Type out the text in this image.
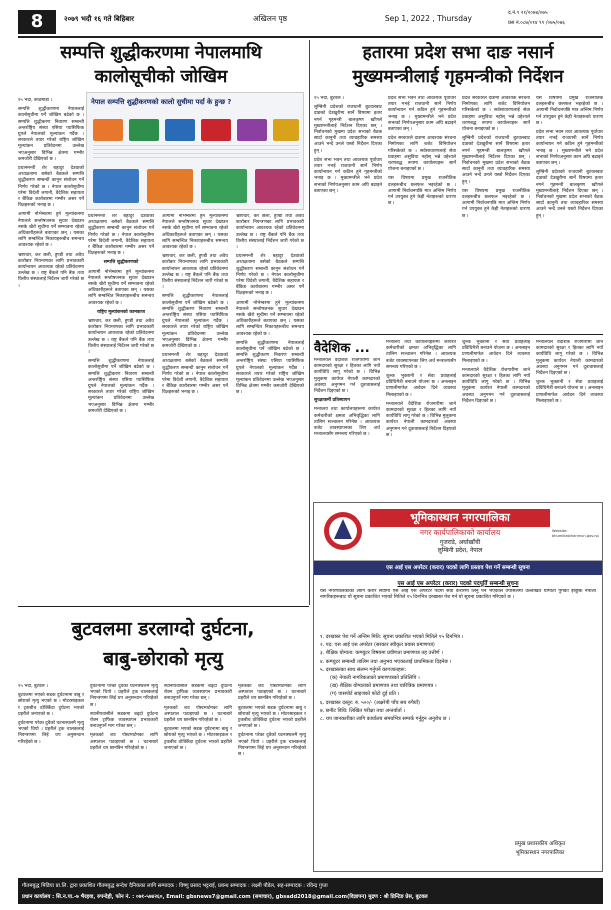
8	२०७९ भदौ १६ गते बिहिबार	अखिलन पृष्ठ	Sep 1, 2022 , Thursday
द.नं.९ २१/२०७४/०७५
प्रस नं.०८७/०१४ ९९ /०७५/०७६
सम्पत्ति शुद्धीकरणमा नेपालमाथि
कालोसूचीको जोखिम

१५ भदौ, काठमाडौं ।

सम्पत्ति शुद्धीकरणमा नेपाललाई कालोसूचीमा पर्ने जोखिम बढेको छ । सम्पत्ति शुद्धीकरण निवारण सम्बन्धी अन्तर्राष्ट्रिय संस्था एसिया प्यासिफिक ग्रुपले नेपालको मूल्यांकन गर्दैछ । सरकारले तयार गरेको राष्ट्रिय जोखिम मूल्यांकन प्रतिवेदनमा उल्लेख भएअनुसार विभिन्न क्षेत्रमा गम्भीर कमजोरी देखिएको छ ।

प्रधानमन्त्री शेर बहादुर देउवाको अध्यक्षतामा बसेको बैठकले सम्पत्ति शुद्धीकरण सम्बन्धी कानुन संशोधन गर्ने निर्णय गरेको छ । नेपाल कालोसूचीमा परेमा विदेशी लगानी, वैदेशिक सहायता र बैंकिङ कारोबारमा गम्भीर असर पर्ने विज्ञहरूको भनाइ छ ।

आगामी नोभेम्बरमा हुने मूल्यांकनमा नेपालले सन्तोषजनक सुधार देखाउन नसके खैरो सूचीमा पर्ने सम्भावना रहेको अधिकारीहरूले बताएका छन् । यसका लागि सम्बन्धित निकायहरूबीच समन्वय आवश्यक रहेको छ ।

भ्रष्टाचार, कर छली, हुण्डी तथा अवैध कारोबार नियन्त्रणका लागि प्रभावकारी कार्यान्वयन आवश्यक रहेको प्रतिवेदनमा उल्लेख छ । राष्ट्र बैंकले पनि बैंक तथा वित्तीय संस्थालाई निर्देशन जारी गरेको छ ।

नेपाल सम्पत्ति शुद्धीकरणको कालो सुचीमा पर्दा के हुन्छ ?

प्रधानमन्त्री शेर बहादुर देउवाको अध्यक्षतामा बसेको बैठकले सम्पत्ति शुद्धीकरण सम्बन्धी कानुन संशोधन गर्ने निर्णय गरेको छ । नेपाल कालोसूचीमा परेमा विदेशी लगानी, वैदेशिक सहायता र बैंकिङ कारोबारमा गम्भीर असर पर्ने विज्ञहरूको भनाइ छ ।

सम्पत्ति शुद्धीकरणको

आगामी नोभेम्बरमा हुने मूल्यांकनमा नेपालले सन्तोषजनक सुधार देखाउन नसके खैरो सूचीमा पर्ने सम्भावना रहेको अधिकारीहरूले बताएका छन् । यसका लागि सम्बन्धित निकायहरूबीच समन्वय आवश्यक रहेको छ ।

राष्ट्रिय मूल्यांकनको कामकाज

भ्रष्टाचार, कर छली, हुण्डी तथा अवैध कारोबार नियन्त्रणका लागि प्रभावकारी कार्यान्वयन आवश्यक रहेको प्रतिवेदनमा उल्लेख छ । राष्ट्र बैंकले पनि बैंक तथा वित्तीय संस्थालाई निर्देशन जारी गरेको छ ।

सम्पत्ति शुद्धीकरणमा नेपाललाई कालोसूचीमा पर्ने जोखिम बढेको छ । सम्पत्ति शुद्धीकरण निवारण सम्बन्धी अन्तर्राष्ट्रिय संस्था एसिया प्यासिफिक ग्रुपले नेपालको मूल्यांकन गर्दैछ । सरकारले तयार गरेको राष्ट्रिय जोखिम मूल्यांकन प्रतिवेदनमा उल्लेख भएअनुसार विभिन्न क्षेत्रमा गम्भीर कमजोरी देखिएको छ ।

आगामी नोभेम्बरमा हुने मूल्यांकनमा नेपालले सन्तोषजनक सुधार देखाउन नसके खैरो सूचीमा पर्ने सम्भावना रहेको अधिकारीहरूले बताएका छन् । यसका लागि सम्बन्धित निकायहरूबीच समन्वय आवश्यक रहेको छ ।

भ्रष्टाचार, कर छली, हुण्डी तथा अवैध कारोबार नियन्त्रणका लागि प्रभावकारी कार्यान्वयन आवश्यक रहेको प्रतिवेदनमा उल्लेख छ । राष्ट्र बैंकले पनि बैंक तथा वित्तीय संस्थालाई निर्देशन जारी गरेको छ ।

सम्पत्ति शुद्धीकरणमा नेपाललाई कालोसूचीमा पर्ने जोखिम बढेको छ । सम्पत्ति शुद्धीकरण निवारण सम्बन्धी अन्तर्राष्ट्रिय संस्था एसिया प्यासिफिक ग्रुपले नेपालको मूल्यांकन गर्दैछ । सरकारले तयार गरेको राष्ट्रिय जोखिम मूल्यांकन प्रतिवेदनमा उल्लेख भएअनुसार विभिन्न क्षेत्रमा गम्भीर कमजोरी देखिएको छ ।

प्रधानमन्त्री शेर बहादुर देउवाको अध्यक्षतामा बसेको बैठकले सम्पत्ति शुद्धीकरण सम्बन्धी कानुन संशोधन गर्ने निर्णय गरेको छ । नेपाल कालोसूचीमा परेमा विदेशी लगानी, वैदेशिक सहायता र बैंकिङ कारोबारमा गम्भीर असर पर्ने विज्ञहरूको भनाइ छ ।

भ्रष्टाचार, कर छली, हुण्डी तथा अवैध कारोबार नियन्त्रणका लागि प्रभावकारी कार्यान्वयन आवश्यक रहेको प्रतिवेदनमा उल्लेख छ । राष्ट्र बैंकले पनि बैंक तथा वित्तीय संस्थालाई निर्देशन जारी गरेको छ ।

प्रधानमन्त्री शेर बहादुर देउवाको अध्यक्षतामा बसेको बैठकले सम्पत्ति शुद्धीकरण सम्बन्धी कानुन संशोधन गर्ने निर्णय गरेको छ । नेपाल कालोसूचीमा परेमा विदेशी लगानी, वैदेशिक सहायता र बैंकिङ कारोबारमा गम्भीर असर पर्ने विज्ञहरूको भनाइ छ ।

आगामी नोभेम्बरमा हुने मूल्यांकनमा नेपालले सन्तोषजनक सुधार देखाउन नसके खैरो सूचीमा पर्ने सम्भावना रहेको अधिकारीहरूले बताएका छन् । यसका लागि सम्बन्धित निकायहरूबीच समन्वय आवश्यक रहेको छ ।

सम्पत्ति शुद्धीकरणमा नेपाललाई कालोसूचीमा पर्ने जोखिम बढेको छ । सम्पत्ति शुद्धीकरण निवारण सम्बन्धी अन्तर्राष्ट्रिय संस्था एसिया प्यासिफिक ग्रुपले नेपालको मूल्यांकन गर्दैछ । सरकारले तयार गरेको राष्ट्रिय जोखिम मूल्यांकन प्रतिवेदनमा उल्लेख भएअनुसार विभिन्न क्षेत्रमा गम्भीर कमजोरी देखिएको छ ।

हतारमा प्रदेश सभा दाङ नसार्न
मुख्यमन्त्रीलाई गृहमन्त्रीको निर्देशन

१५ भदौ, बुटवल ।

लुम्बिनी प्रदेशको राजधानी बुटवलबाट दाङको देउखुरीमा सार्ने विषयमा हतार नगर्न गृहमन्त्री बालकृष्ण खाँणले मुख्यमन्त्रीलाई निर्देशन दिएका छन् । निर्वाचनको मुखमा प्रदेश सभाको बैठक सार्दा कानुनी तथा व्यावहारिक समस्या आउने भन्दै उनले यस्तो निर्देशन दिएका हुन् ।

प्रदेश सभा भवन तथा आवश्यक पूर्वाधार तयार नभई राजधानी सार्ने निर्णय कार्यान्वयन गर्न कठिन हुने गृहमन्त्रीको भनाइ छ । मुख्यमन्त्रीले भने प्रदेश सभाको निर्णयअनुसार काम अघि बढाइने बताएका छन् ।

प्रदेश सभा भवन तथा आवश्यक पूर्वाधार तयार नभई राजधानी सार्ने निर्णय कार्यान्वयन गर्न कठिन हुने गृहमन्त्रीको भनाइ छ । मुख्यमन्त्रीले भने प्रदेश सभाको निर्णयअनुसार काम अघि बढाइने बताएका छन् ।

प्रदेश सरकारले दाङमा आवश्यक संरचना निर्माणका लागि बजेट विनियोजन गरिसकेको छ । सर्वसाधारणलाई सेवा प्रवाहमा असुविधा नहोस् भन्ने उद्देश्यले चरणबद्ध रूपमा कार्यालयहरू सार्ने योजना बनाइएको छ ।

यस विषयमा प्रमुख राजनीतिक दलहरूबीच छलफल भइरहेको छ । आगामी निर्वाचनपछि मात्र अन्तिम निर्णय गर्न उपयुक्त हुने केही नेताहरूको धारणा छ ।

प्रदेश सरकारले दाङमा आवश्यक संरचना निर्माणका लागि बजेट विनियोजन गरिसकेको छ । सर्वसाधारणलाई सेवा प्रवाहमा असुविधा नहोस् भन्ने उद्देश्यले चरणबद्ध रूपमा कार्यालयहरू सार्ने योजना बनाइएको छ ।

लुम्बिनी प्रदेशको राजधानी बुटवलबाट दाङको देउखुरीमा सार्ने विषयमा हतार नगर्न गृहमन्त्री बालकृष्ण खाँणले मुख्यमन्त्रीलाई निर्देशन दिएका छन् । निर्वाचनको मुखमा प्रदेश सभाको बैठक सार्दा कानुनी तथा व्यावहारिक समस्या आउने भन्दै उनले यस्तो निर्देशन दिएका हुन् ।

यस विषयमा प्रमुख राजनीतिक दलहरूबीच छलफल भइरहेको छ । आगामी निर्वाचनपछि मात्र अन्तिम निर्णय गर्न उपयुक्त हुने केही नेताहरूको धारणा छ ।

यस विषयमा प्रमुख राजनीतिक दलहरूबीच छलफल भइरहेको छ । आगामी निर्वाचनपछि मात्र अन्तिम निर्णय गर्न उपयुक्त हुने केही नेताहरूको धारणा छ ।

प्रदेश सभा भवन तथा आवश्यक पूर्वाधार तयार नभई राजधानी सार्ने निर्णय कार्यान्वयन गर्न कठिन हुने गृहमन्त्रीको भनाइ छ । मुख्यमन्त्रीले भने प्रदेश सभाको निर्णयअनुसार काम अघि बढाइने बताएका छन् ।

लुम्बिनी प्रदेशको राजधानी बुटवलबाट दाङको देउखुरीमा सार्ने विषयमा हतार नगर्न गृहमन्त्री बालकृष्ण खाँणले मुख्यमन्त्रीलाई निर्देशन दिएका छन् । निर्वाचनको मुखमा प्रदेश सभाको बैठक सार्दा कानुनी तथा व्यावहारिक समस्या आउने भन्दै उनले यस्तो निर्देशन दिएका हुन् ।

वैदेशिक ...

मन्त्रालयले वैदेशिक रोजगारीमा जाने कामदारको सुरक्षा र हितका लागि नयाँ कार्यविधि लागू गरेको छ । विभिन्न मुलुकमा कार्यरत नेपाली कामदारको अवस्था अनुगमन गर्न दूतावासलाई निर्देशन दिइएको छ ।

सुरक्षाकर्मी प्रतिस्थापन

मन्त्रालय तथा कार्यालयहरूमा कार्यरत कर्मचारीको क्षमता अभिवृद्धिका लागि तालिम सञ्चालन गरिनेछ । आवश्यक बजेट व्यवस्थापनका लिए अर्थ मन्त्रालयसँग समन्वय गरिएको छ ।

मन्त्रालय तथा कार्यालयहरूमा कार्यरत कर्मचारीको क्षमता अभिवृद्धिका लागि तालिम सञ्चालन गरिनेछ । आवश्यक बजेट व्यवस्थापनका लिए अर्थ मन्त्रालयसँग समन्वय गरिएको छ ।

शुल्क भुक्तानी र सेवा प्रवाहलाई प्रविधिमैत्री बनाउने योजना छ । अनलाइन प्रणालीमार्फत आवेदन दिने व्यवस्था मिलाइएको छ ।

मन्त्रालयले वैदेशिक रोजगारीमा जाने कामदारको सुरक्षा र हितका लागि नयाँ कार्यविधि लागू गरेको छ । विभिन्न मुलुकमा कार्यरत नेपाली कामदारको अवस्था अनुगमन गर्न दूतावासलाई निर्देशन दिइएको छ ।

शुल्क भुक्तानी र सेवा प्रवाहलाई प्रविधिमैत्री बनाउने योजना छ । अनलाइन प्रणालीमार्फत आवेदन दिने व्यवस्था मिलाइएको छ ।

मन्त्रालयले वैदेशिक रोजगारीमा जाने कामदारको सुरक्षा र हितका लागि नयाँ कार्यविधि लागू गरेको छ । विभिन्न मुलुकमा कार्यरत नेपाली कामदारको अवस्था अनुगमन गर्न दूतावासलाई निर्देशन दिइएको छ ।

मन्त्रालयले वैदेशिक रोजगारीमा जाने कामदारको सुरक्षा र हितका लागि नयाँ कार्यविधि लागू गरेको छ । विभिन्न मुलुकमा कार्यरत नेपाली कामदारको अवस्था अनुगमन गर्न दूतावासलाई निर्देशन दिइएको छ ।

शुल्क भुक्तानी र सेवा प्रवाहलाई प्रविधिमैत्री बनाउने योजना छ । अनलाइन प्रणालीमार्फत आवेदन दिने व्यवस्था मिलाइएको छ ।

भूमिकास्थान नगरपालिका
नगर कार्यपालिकाको कार्यालय
गुजराडे, अर्घाखाँची
लुम्बिनी प्रदेश, नेपाल
Website: bhumikasthanmun.gov.np
एस आई एस अपरेटर (करार) पदको लागि प्रस्ताव पेश गर्ने सम्बन्धी सूचना
एस आई एस अपरेटर (करार) पदको पदपूर्ति सम्बन्धी सूचना
यस नगरपालिकाको लागि करार सेवामा एस आई एस अपरेटर पदमा सेवा करारमा लिनु पर्ने भएकाले तपसिलमा उल्लेखित योग्यता पुगेका इच्छुक नेपाली नागरिकहरूबाट यो सूचना प्रकाशित भएको मितिले १५ दिनभित्र दरखास्त पेश गर्न यो सूचना प्रकाशित गरिएको छ ।
१. दरखास्त पेश गर्ने अन्तिम मिति: सूचना प्रकाशित भएको मितिले १५ दिनभित्र ।
२. पद: एस आई एस अपरेटर (सरकार स्वीकृत प्रयास प्रमाणपत्र)
३. शैक्षिक योग्यता: कम्प्युटर विषयमा प्रवीणता प्रमाणपत्र तह उत्तीर्ण ।
४. कम्प्युटर सम्बन्धी तालिम तथा अनुभव भएकालाई प्राथमिकता दिइनेछ ।
५. दरखास्तका साथ संलग्न गर्नुपर्ने कागजातहरू:
(क) नेपाली नागरिकताको प्रमाणपत्रको प्रतिलिपि ।
(ख) शैक्षिक योग्यताको प्रमाणपत्र तथा चारित्रिक प्रमाणपत्र ।
(ग) पासपोर्ट साइजको फोटो दुई प्रति ।
६. दरखास्त दस्तुर: रु. ५००/- (अक्षरेपी पाँच सय रुपैयाँ)
७. छनौट विधि: लिखित परीक्षा तथा अन्तर्वार्ता ।
८. थप जानकारीका लागि कार्यालय समयभित्र सम्पर्क गर्नुहुन अनुरोध छ ।
प्रमुख प्रशासकीय अधिकृत
भूमिकास्थान नगरपालिका
बुटवलमा डरलाग्दो दुर्घटना,
बाबु-छोराको मृत्यु

१५ भदौ, बुटवल ।

बुटवलमा भएको सडक दुर्घटनामा बाबु र छोराको मृत्यु भएको छ । मोटरसाइकल र ट्रकबीच ठोक्किँदा दुर्घटना भएको प्रहरीले जनाएको छ ।

दुर्घटनामा परेका दुवैको घटनास्थलमै मृत्यु भएको थियो । प्रहरीले ट्रक चालकलाई नियन्त्रणमा लिई थप अनुसन्धान गरिरहेको छ ।

दुर्घटनामा परेका दुवैको घटनास्थलमै मृत्यु भएको थियो । प्रहरीले ट्रक चालकलाई नियन्त्रणमा लिई थप अनुसन्धान गरिरहेको छ ।

स्थानीयवासीले सडकमा बढ्दो दुर्घटना रोक्न ट्राफिक व्यवस्थापन प्रभावकारी बनाउनुपर्ने माग गरेका छन् ।

मृतकको शव पोस्टमार्टमका लागि अस्पताल पठाइएको छ । घटनाबारे प्रहरीले थप छानबिन गरिरहेको छ ।

स्थानीयवासीले सडकमा बढ्दो दुर्घटना रोक्न ट्राफिक व्यवस्थापन प्रभावकारी बनाउनुपर्ने माग गरेका छन् ।

मृतकको शव पोस्टमार्टमका लागि अस्पताल पठाइएको छ । घटनाबारे प्रहरीले थप छानबिन गरिरहेको छ ।

बुटवलमा भएको सडक दुर्घटनामा बाबु र छोराको मृत्यु भएको छ । मोटरसाइकल र ट्रकबीच ठोक्किँदा दुर्घटना भएको प्रहरीले जनाएको छ ।

मृतकको शव पोस्टमार्टमका लागि अस्पताल पठाइएको छ । घटनाबारे प्रहरीले थप छानबिन गरिरहेको छ ।

बुटवलमा भएको सडक दुर्घटनामा बाबु र छोराको मृत्यु भएको छ । मोटरसाइकल र ट्रकबीच ठोक्किँदा दुर्घटना भएको प्रहरीले जनाएको छ ।

दुर्घटनामा परेका दुवैको घटनास्थलमै मृत्यु भएको थियो । प्रहरीले ट्रक चालकलाई नियन्त्रणमा लिई थप अनुसन्धान गरिरहेको छ ।

गौतमबुद्ध मिडिया प्रा.लि. द्वारा प्रकाशित गौतमबुद्ध सन्देश दैनिकका लागि सम्पादक : विष्णु प्रसाद भट्टराई, प्रबन्ध सम्पादक : लक्ष्मी पौडेल, सह-सम्पादक : रविन्द्र गुप्ता
प्रधान कार्यालय : सि.न.पा.-७ भैरहवा, रुपन्देही, फोन नं. : ०७१-५७४२६०, Email: gbsnews7@gmail.com (समाचार), gbsadd2018@gmail.com(विज्ञापन) मुद्रण : श्री प्रिन्टिङ प्रेस, बुटवल
